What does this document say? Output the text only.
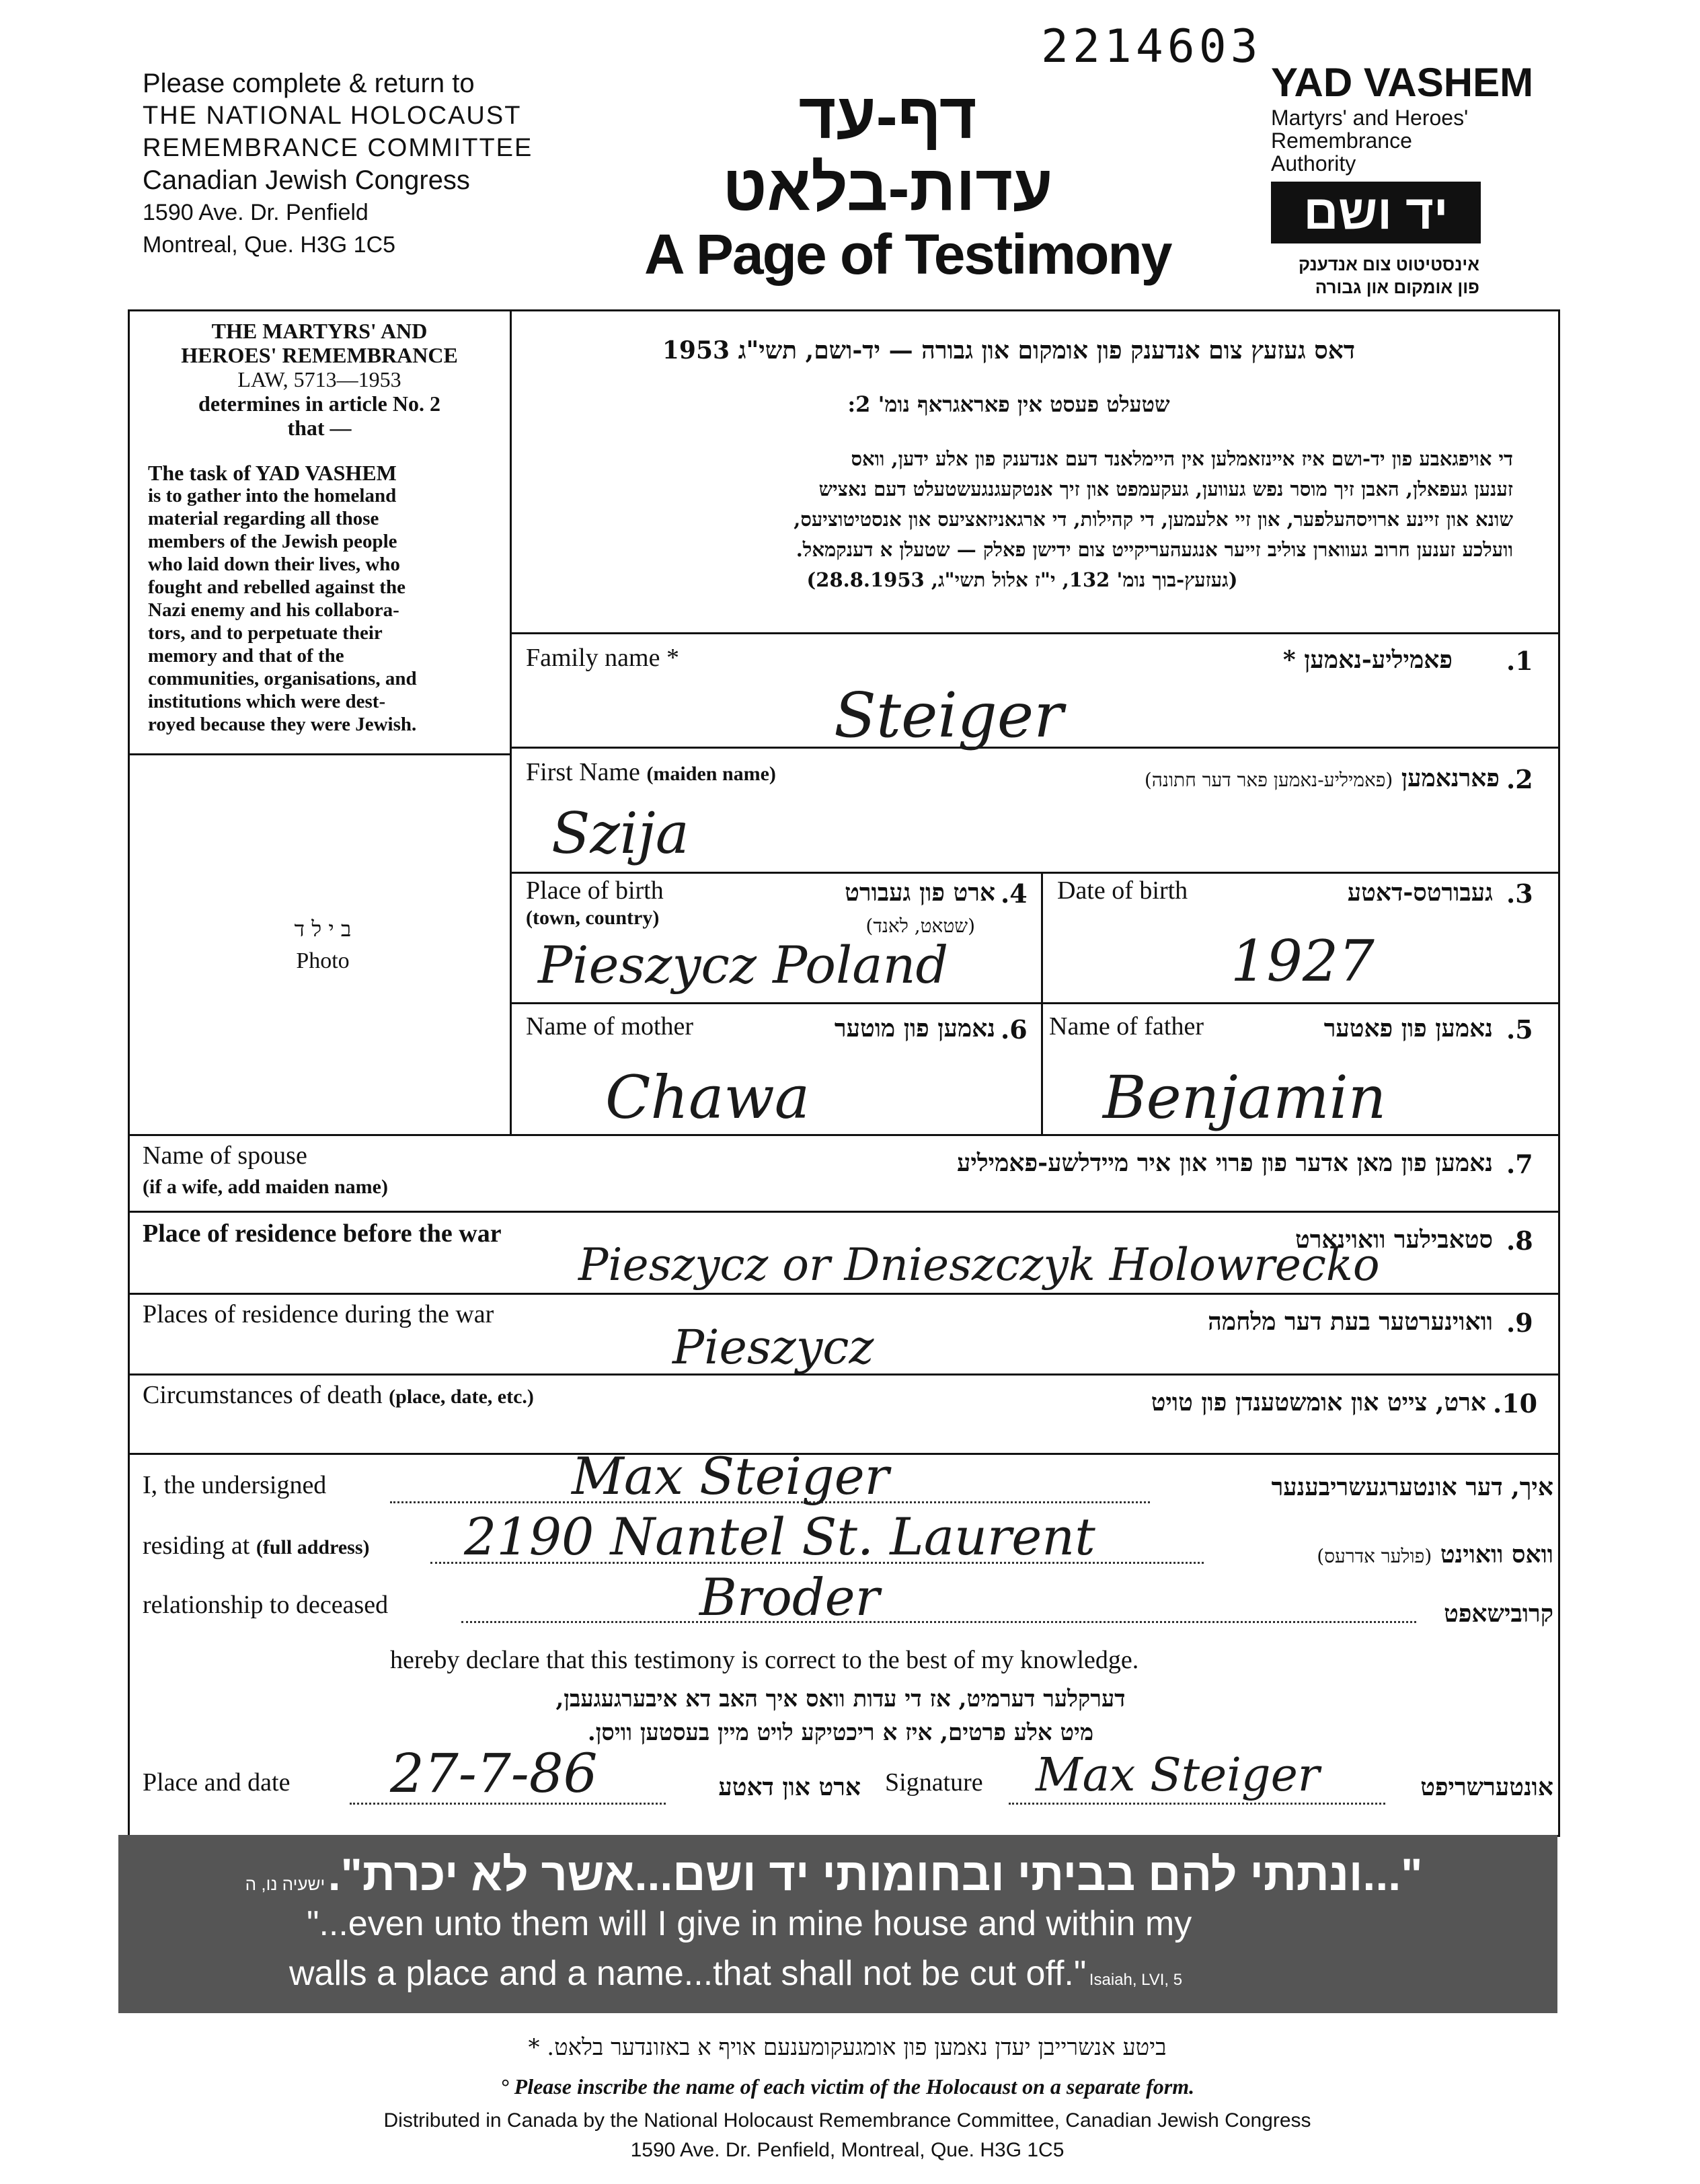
2214603
Please complete & return to
THE NATIONAL HOLOCAUST
REMEMBRANCE COMMITTEE
Canadian Jewish Congress
1590 Ave. Dr. Penfield
Montreal, Que. H3G 1C5
דף-עד
עדות-בלאט
A Page of Testimony
YAD VASHEM
Martyrs' and Heroes'
Remembrance
Authority
יד ושם
אינסטיטוט צום אנדענק
פון אומקום און גבורה
THE MARTYRS' AND
HEROES' REMEMBRANCE
LAW, 5713—1953
determines in article No. 2
that —
The task of YAD VASHEM
is to gather into the homeland
material regarding all those
members of the Jewish people
who laid down their lives, who
fought and rebelled against the
Nazi enemy and his collabora-
tors, and to perpetuate their
memory and that of the
communities, organisations, and
institutions which were dest-
royed because they were Jewish.
דאס געזעץ צום אנדענק פון אומקום און גבורה — יד-ושם, תשי"ג 1953
שטעלט פעסט אין פאראגראף נומ' 2:
די אויפגאבע פון יד-ושם איז איינזאמלען אין היימלאנד דעם אנדענק פון אלע ידען, וואס
זענען געפאלן, האבן זיך מוסר נפש געווען, געקעמפט און זיך אנטקעגנגעשטעלט דעם נאציש
שונא און זיינע ארויסהעלפער, און זיי אלעמען, די קהילות, די ארגאניזאציעס און אנסטיטוציעס,
וועלכע זענען חרוב געווארן צוליב זייער אנגעהעריקייט צום ידישן פאלק — שטעלן א דענקמאל.
(געזעץ-בוך נומ' 132, י"ז אלול תשי"ג, 28.8.1953)
ב י ל ד
Photo
Family name *	פאמיליע-נאמען * .1
Steiger
First Name (maiden name)	פארנאמען (פאמיליע-נאמען פאר דער חתונה)	.2
Szija
Place of birth
(town, country)
ארט פון געבורט
(שטאט, לאנד)
.4
Pieszycz Poland
Date of birth	געבורטס-דאטע .3
1927
Name of mother	נאמען פון מוטער .6
Chawa
Name of father	נאמען פון פאטער .5
Benjamin
Name of spouse
(if a wife, add maiden name)
נאמען פון מאן אדער פון פרוי און איר מיידלשע-פאמיליע .7
Place of residence before the war	סטאבילער וואוינארט .8
Pieszycz or Dnieszczyk Holowrecko
Places of residence during the war	וואוינערטער בעת דער מלחמה .9
Pieszycz
Circumstances of death (place, date, etc.)	ארט, צייט און אומשטענדן פון טויט .10
I, the undersigned	Max Steiger	איך, דער אונטערגעשריבענער
residing at (full address) 2190 Nantel St. Laurent	וואס וואוינט (פולער אדרעס)
relationship to deceased	Broder	קרובישאפט
hereby declare that this testimony is correct to the best of my knowledge.
דערקלער דערמיט, אז די עדות וואס איך האב דא איבערגעגעבן,
מיט אלע פרטים, איז א ריכטיקע לויט מיין בעסטען וויסן.
Place and date 27-7-86	ארט און דאטע Signature Max Steiger	אונטערשריפט
"...ונתתי להם בביתי ובחומותי יד ושם...אשר לא יכרת". ישעיה נו, ה
"...even unto them will I give in mine house and within my
walls a place and a name...that shall not be cut off." Isaiah, LVI, 5
ביטע אנשרייבן יעדן נאמען פון אומגעקומענעם אויף א באזונדער בלאט. *
° Please inscribe the name of each victim of the Holocaust on a separate form.
Distributed in Canada by the National Holocaust Remembrance Committee, Canadian Jewish Congress
1590 Ave. Dr. Penfield, Montreal, Que. H3G 1C5
